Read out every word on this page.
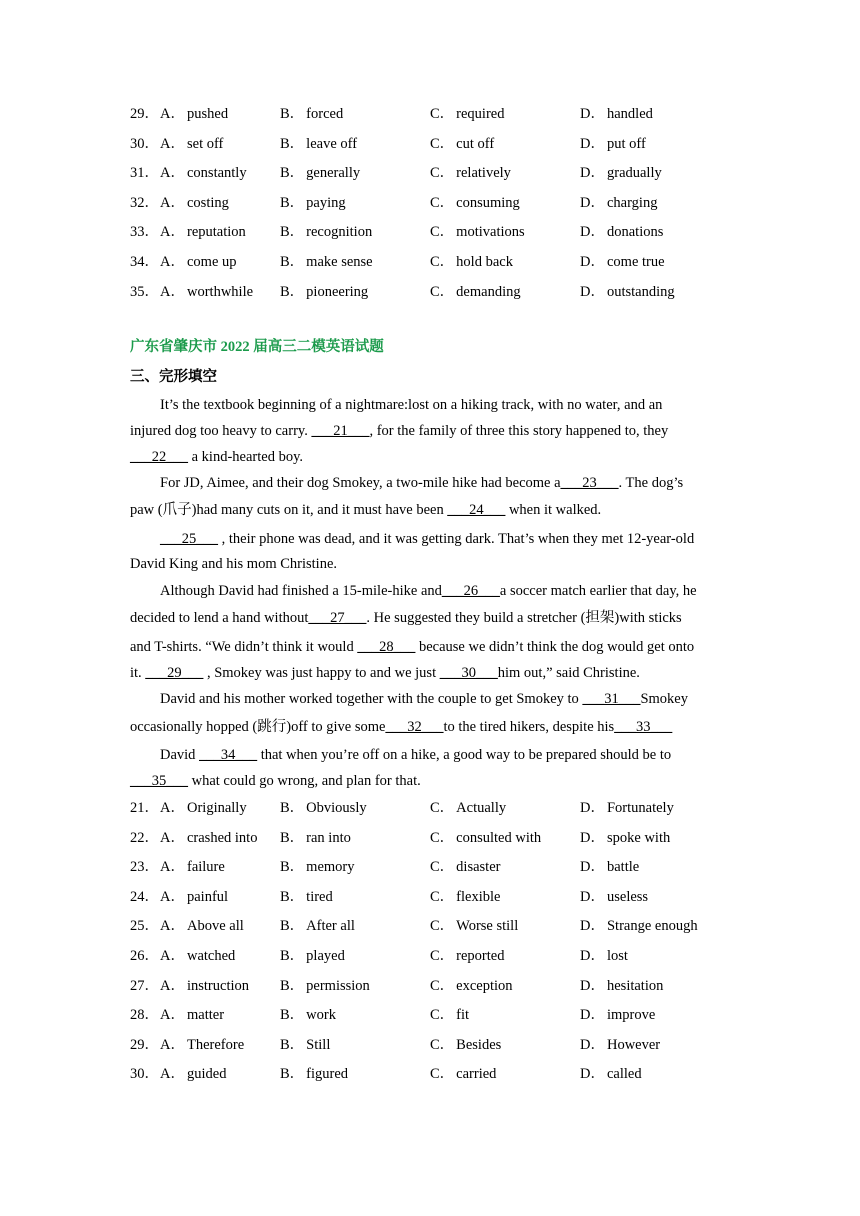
29． A． pushed	B． forced	C． required	D． handled
30． A． set off	B． leave off	C． cut off	D． put off
31． A． constantly B． generally	C． relatively	D． gradually
32． A． costing	B． paying	C． consuming	D． charging
33． A． reputation B． recognition	C． motivations	D． donations
34． A． come up	B． make sense	C． hold back	D． come true
35． A． worthwhile B． pioneering	C． demanding	D． outstanding
广东省肇庆市 2022 届高三二模英语试题
三、完形填空
It’s the textbook beginning of a nightmare:lost on a hiking track, with no water, and an
injured dog too heavy to carry. ___21___, for the family of three this story happened to, they
___22___ a kind-hearted boy.
For JD, Aimee, and their dog Smokey, a two-mile hike had become a___23___. The dog’s
paw (爪子)had many cuts on it, and it must have been ___24___ when it walked.
___25___ , their phone was dead, and it was getting dark. That’s when they met 12-year-old
David King and his mom Christine.
Although David had finished a 15-mile-hike and___26___a soccer match earlier that day, he
decided to lend a hand without___27___. He suggested they build a stretcher (担架)with sticks
and T-shirts. “We didn’t think it would ___28___ because we didn’t think the dog would get onto
it. ___29___ , Smokey was just happy to and we just ___30___him out,” said Christine.
David and his mother worked together with the couple to get Smokey to ___31___Smokey
occasionally hopped (跳行)off to give some___32___to the tired hikers, despite his___33___
David ___34___ that when you’re off on a hike, a good way to be prepared should be to
___35___ what could go wrong, and plan for that.
21． A． Originally B． Obviously	C． Actually	D． Fortunately
22． A． crashed into B． ran into	C． consulted with	D． spoke with
23． A． failure	B． memory	C． disaster	D． battle
24． A． painful	B． tired	C． flexible	D． useless
25． A． Above all B． After all	C． Worse still	D． Strange enough
26． A． watched	B． played	C． reported	D． lost
27． A． instruction B． permission	C． exception	D． hesitation
28． A． matter	B． work	C． fit	D． improve
29． A． Therefore B． Still	C． Besides	D． However
30． A． guided	B． figured	C． carried	D． called
